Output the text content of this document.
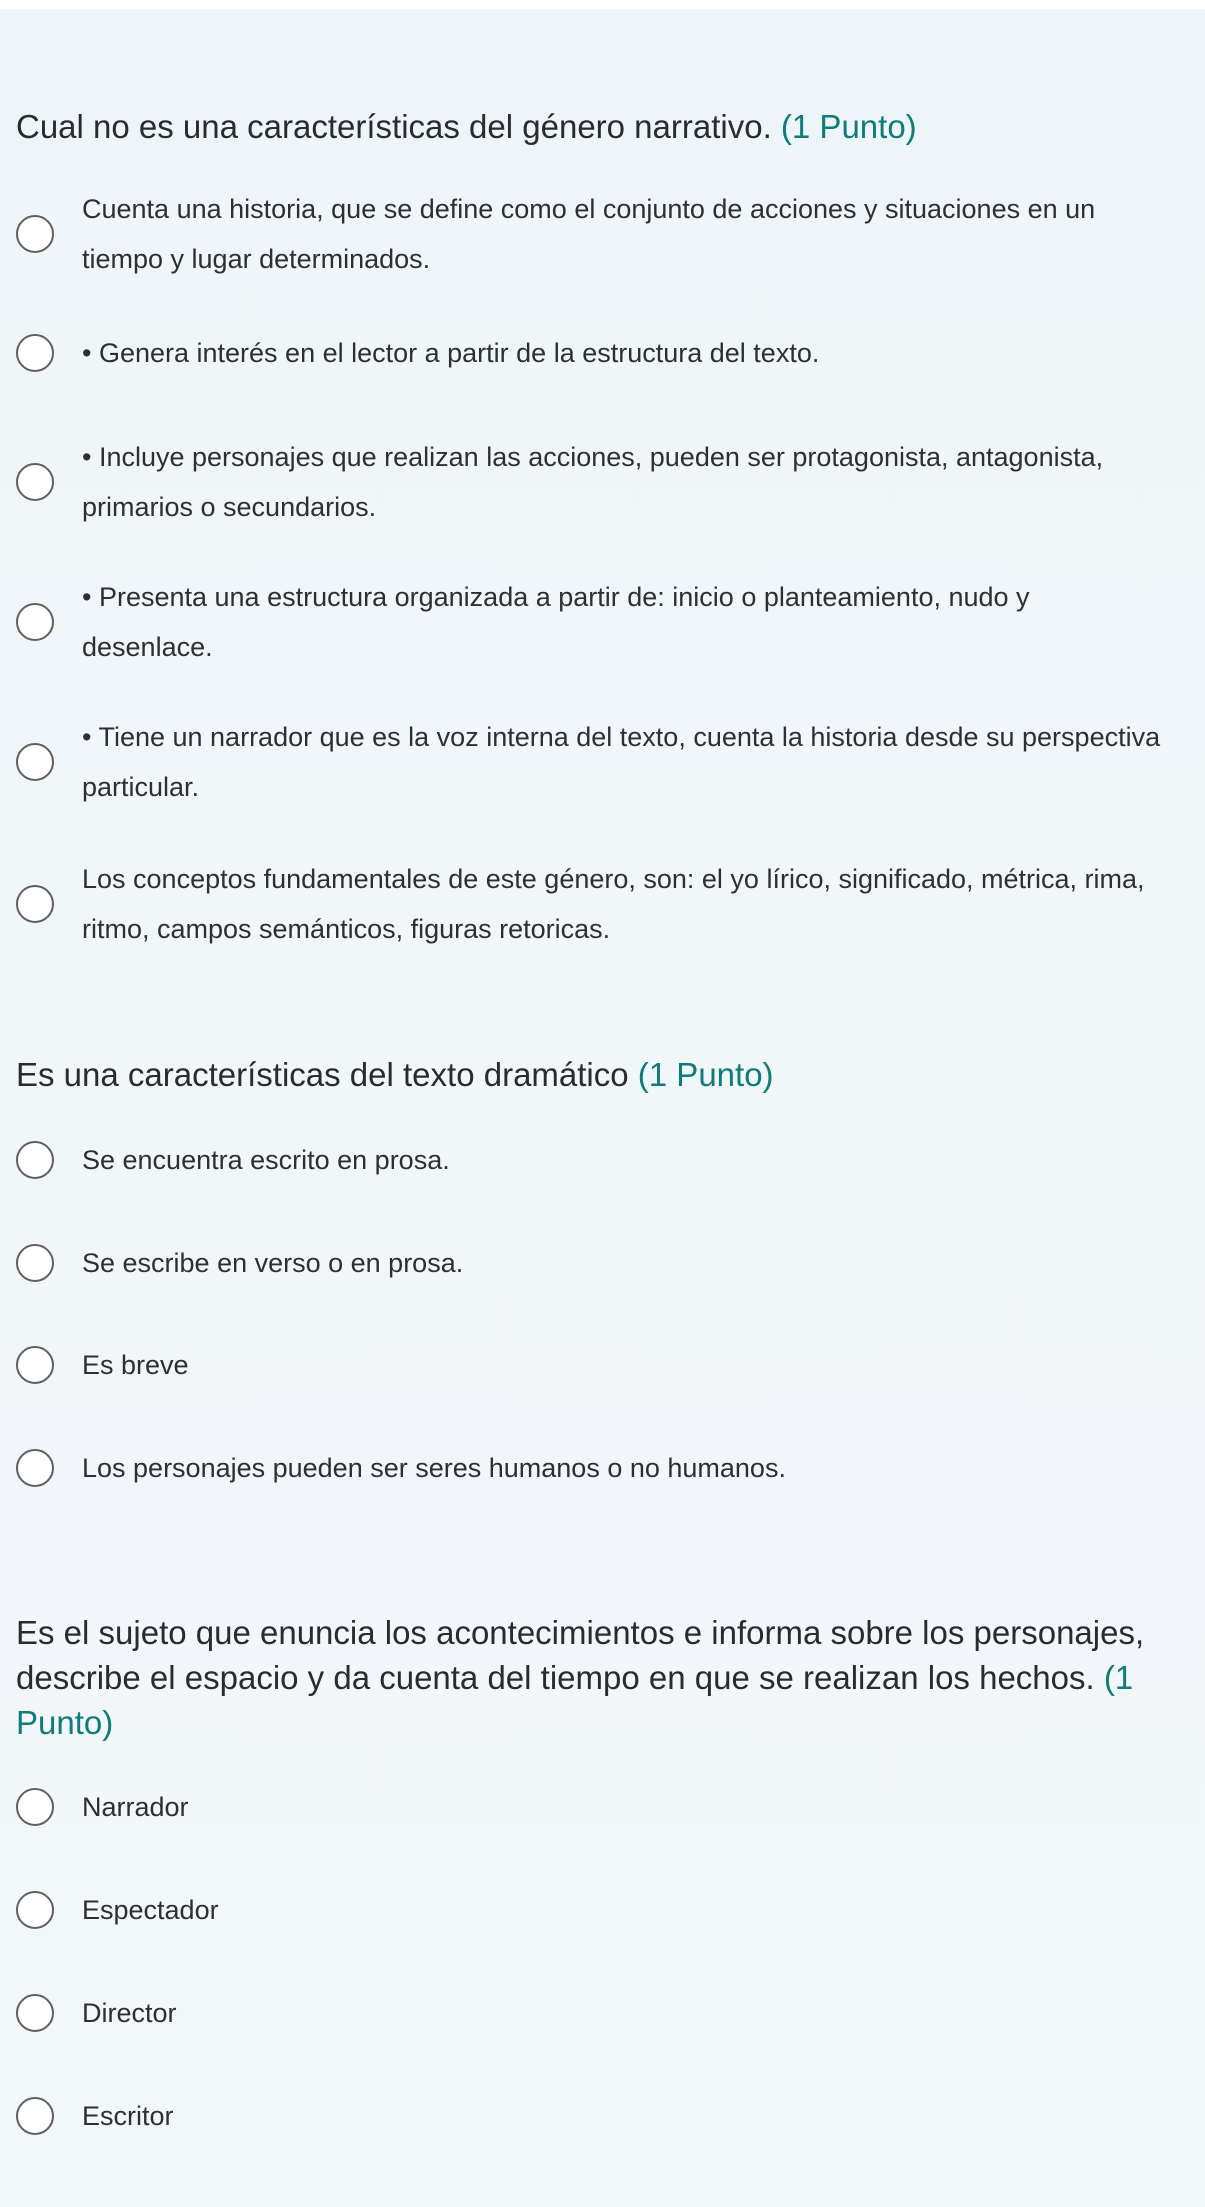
Cual no es una características del género narrativo. (1 Punto)
Cuenta una historia, que se define como el conjunto de acciones y situaciones en un tiempo y lugar determinados.
• Genera interés en el lector a partir de la estructura del texto.
• Incluye personajes que realizan las acciones, pueden ser protagonista, antagonista, primarios o secundarios.
• Presenta una estructura organizada a partir de: inicio o planteamiento, nudo y desenlace.
• Tiene un narrador que es la voz interna del texto, cuenta la historia desde su perspectiva particular.
Los conceptos fundamentales de este género, son: el yo lírico, significado, métrica, rima, ritmo, campos semánticos, figuras retoricas.
Es una características del texto dramático (1 Punto)
Se encuentra escrito en prosa.
Se escribe en verso o en prosa.
Es breve
Los personajes pueden ser seres humanos o no humanos.
Es el sujeto que enuncia los acontecimientos e informa sobre los personajes, describe el espacio y da cuenta del tiempo en que se realizan los hechos. (1 Punto)
Narrador
Espectador
Director
Escritor
